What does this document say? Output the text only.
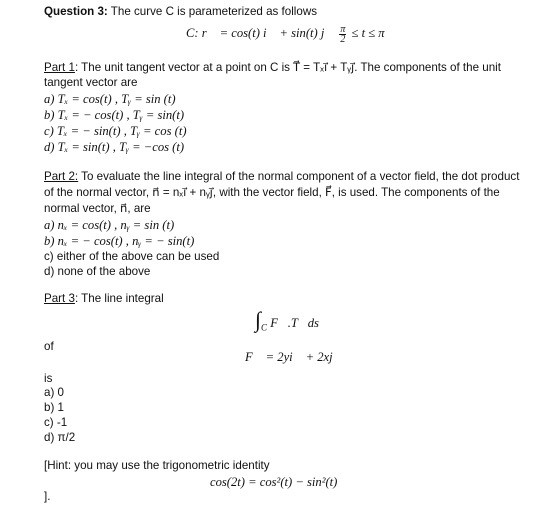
Question 3: The curve C is parameterized as follows
C: r⃗ = cos(t) i⃗ + sin(t) j⃗ $\frac{\pi}{2} \le t \le \pi$
Part 1: The unit tangent vector at a point on C is T⃗ = Tₓi⃗ + Tᵧj⃗. The components of the unit
tangent vector are
a) Tₓ = cos(t) , Tᵧ = sin (t)
b) Tₓ = − cos(t) , Tᵧ = sin(t)
c) Tₓ = − sin(t) , Tᵧ = cos (t)
d) Tₓ = sin(t) , Tᵧ = −cos (t)
Part 2: To evaluate the line integral of the normal component of a vector field, the dot product
of the normal vector, n⃗ = nₓi⃗ + nᵧj⃗, with the vector field, F⃗, is used. The components of the
normal vector, n⃗, are
a) nₓ = cos(t) , nᵧ = sin (t)
b) nₓ = − cos(t) , nᵧ = − sin(t)
c) either of the above can be used
d) none of the above
Part 3: The line integral
$\int_C$ F⃗.T⃗ds
of
F⃗ = 2yi⃗ + 2xj⃗
is
a) 0
b) 1
c) -1
d) π/2
[Hint: you may use the trigonometric identity
cos(2t) = cos²(t) − sin²(t)
].
